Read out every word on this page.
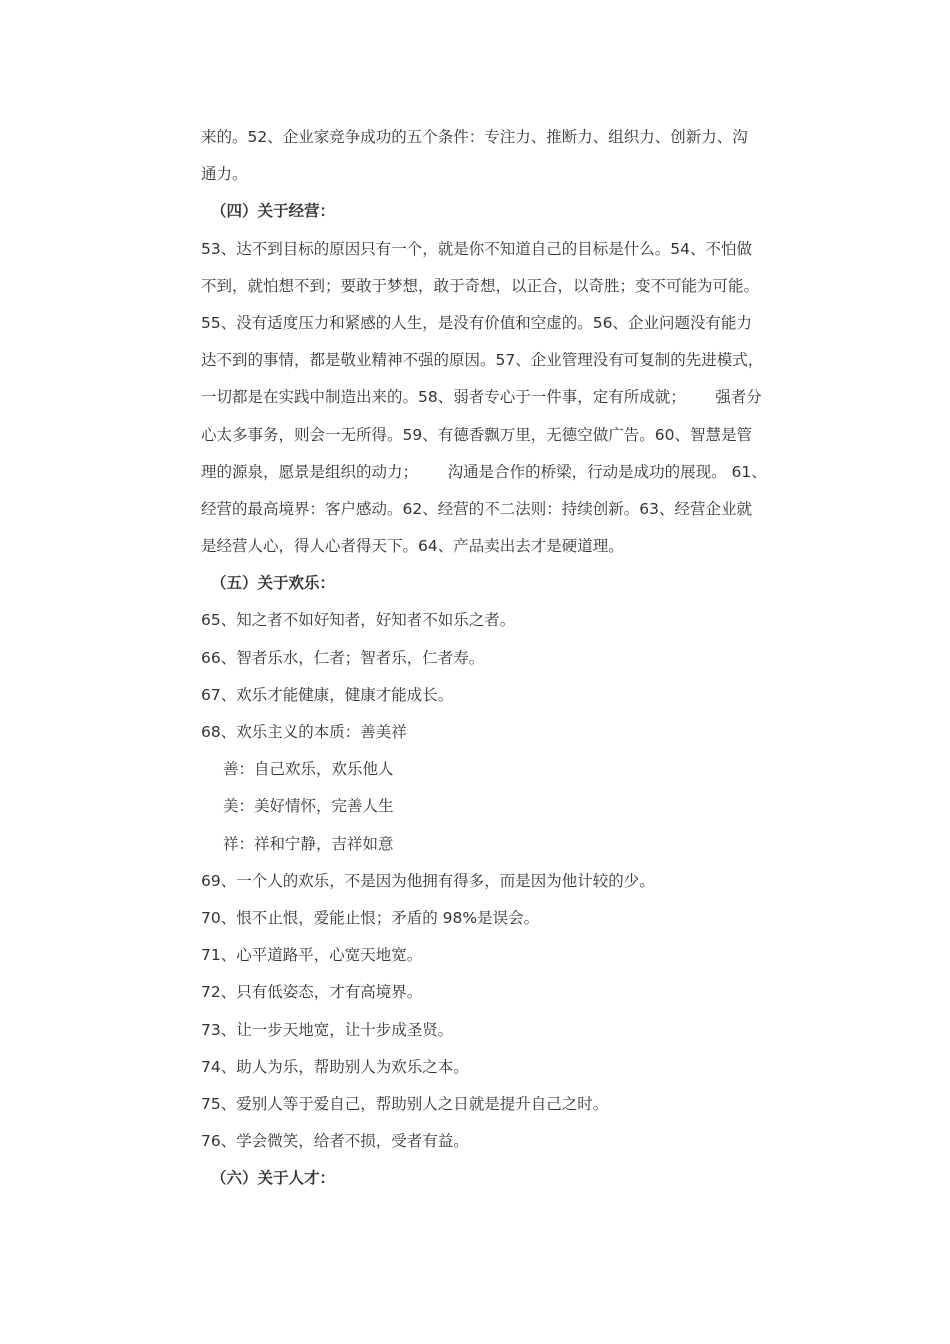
来的。52、企业家竞争成功的五个条件：专注力、推断力、组织力、创新力、沟
通力。
（四）关于经营：
53、达不到目标的原因只有一个，就是你不知道自己的目标是什么。54、不怕做
不到，就怕想不到；要敢于梦想，敢于奇想，以正合，以奇胜；变不可能为可能。
55、没有适度压力和紧感的人生，是没有价值和空虚的。56、企业问题没有能力
达不到的事情，都是敬业精神不强的原因。57、企业管理没有可复制的先进模式，
一切都是在实践中制造出来的。58、弱者专心于一件事，定有所成就；      强者分
心太多事务，则会一无所得。59、有德香飘万里，无德空做广告。60、智慧是管
理的源泉，愿景是组织的动力；      沟通是合作的桥梁，行动是成功的展现。 61、
经营的最高境界：客户感动。62、经营的不二法则：持续创新。63、经营企业就
是经营人心，得人心者得天下。64、产品卖出去才是硬道理。
（五）关于欢乐：
65、知之者不如好知者，好知者不如乐之者。
66、智者乐水，仁者；智者乐，仁者寿。
67、欢乐才能健康，健康才能成长。
68、欢乐主义的本质：善美祥
善：自己欢乐，欢乐他人
美：美好情怀，完善人生
祥：祥和宁静，吉祥如意
69、一个人的欢乐，不是因为他拥有得多，而是因为他计较的少。
70、恨不止恨，爱能止恨；矛盾的 98%是误会。
71、心平道路平，心宽天地宽。
72、只有低姿态，才有高境界。
73、让一步天地宽，让十步成圣贤。
74、助人为乐，帮助别人为欢乐之本。
75、爱别人等于爱自己，帮助别人之日就是提升自己之时。
76、学会微笑，给者不损，受者有益。
（六）关于人才：
